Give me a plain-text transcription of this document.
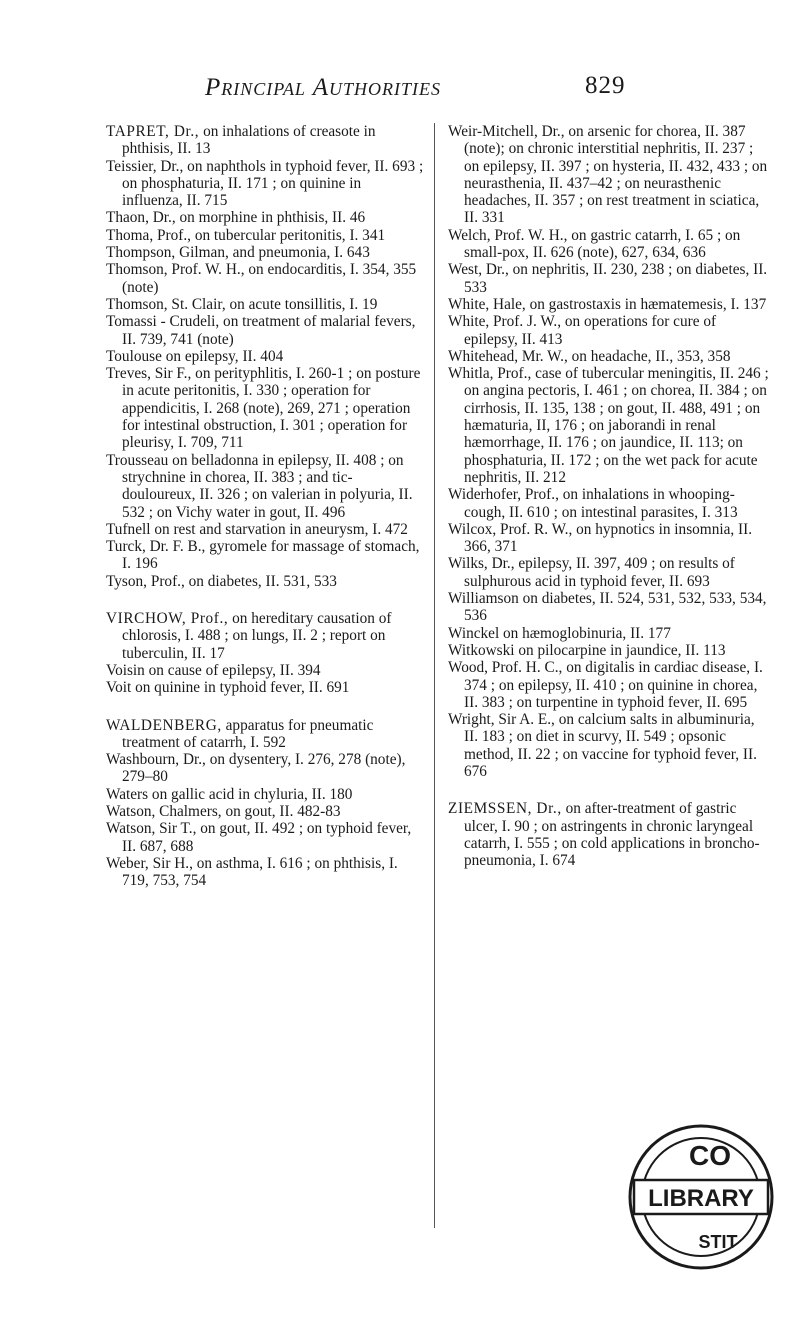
Principal Authorities	829

TAPRET, Dr., on inhalations of creasote in phthisis, II. 13

Teissier, Dr., on naphthols in typhoid fever, II. 693 ; on phosphaturia, II. 171 ; on quinine in influenza, II. 715

Thaon, Dr., on morphine in phthisis, II. 46

Thoma, Prof., on tubercular peritonitis, I. 341

Thompson, Gilman, and pneumonia, I. 643

Thomson, Prof. W. H., on endocarditis, I. 354, 355 (note)

Thomson, St. Clair, on acute tonsillitis, I. 19

Tomassi - Crudeli, on treatment of malarial fevers, II. 739, 741 (note)

Toulouse on epilepsy, II. 404

Treves, Sir F., on perityphlitis, I. 260-1 ; on posture in acute peritonitis, I. 330 ; operation for appendicitis, I. 268 (note), 269, 271 ; operation for intestinal obstruction, I. 301 ; operation for pleurisy, I. 709, 711

Trousseau on belladonna in epilepsy, II. 408 ; on strychnine in chorea, II. 383 ; and tic-douloureux, II. 326 ; on valerian in polyuria, II. 532 ; on Vichy water in gout, II. 496

Tufnell on rest and starvation in aneurysm, I. 472

Turck, Dr. F. B., gyromele for massage of stomach, I. 196

Tyson, Prof., on diabetes, II. 531, 533

VIRCHOW, Prof., on hereditary causation of chlorosis, I. 488 ; on lungs, II. 2 ; report on tuberculin, II. 17

Voisin on cause of epilepsy, II. 394

Voit on quinine in typhoid fever, II. 691

WALDENBERG, apparatus for pneumatic treatment of catarrh, I. 592

Washbourn, Dr., on dysentery, I. 276, 278 (note), 279–80

Waters on gallic acid in chyluria, II. 180

Watson, Chalmers, on gout, II. 482-83

Watson, Sir T., on gout, II. 492 ; on typhoid fever, II. 687, 688

Weber, Sir H., on asthma, I. 616 ; on phthisis, I. 719, 753, 754

Weir-Mitchell, Dr., on arsenic for chorea, II. 387 (note); on chronic interstitial nephritis, II. 237 ; on epilepsy, II. 397 ; on hysteria, II. 432, 433 ; on neurasthenia, II. 437–42 ; on neurasthenic headaches, II. 357 ; on rest treatment in sciatica, II. 331

Welch, Prof. W. H., on gastric catarrh, I. 65 ; on small-pox, II. 626 (note), 627, 634, 636

West, Dr., on nephritis, II. 230, 238 ; on diabetes, II. 533

White, Hale, on gastrostaxis in hæmatemesis, I. 137

White, Prof. J. W., on operations for cure of epilepsy, II. 413

Whitehead, Mr. W., on headache, II., 353, 358

Whitla, Prof., case of tubercular meningitis, II. 246 ; on angina pectoris, I. 461 ; on chorea, II. 384 ; on cirrhosis, II. 135, 138 ; on gout, II. 488, 491 ; on hæmaturia, II, 176 ; on jaborandi in renal hæmorrhage, II. 176 ; on jaundice, II. 113; on phosphaturia, II. 172 ; on the wet pack for acute nephritis, II. 212

Widerhofer, Prof., on inhalations in whooping-cough, II. 610 ; on intestinal parasites, I. 313

Wilcox, Prof. R. W., on hypnotics in insomnia, II. 366, 371

Wilks, Dr., epilepsy, II. 397, 409 ; on results of sulphurous acid in typhoid fever, II. 693

Williamson on diabetes, II. 524, 531, 532, 533, 534, 536

Winckel on hæmoglobinuria, II. 177

Witkowski on pilocarpine in jaundice, II. 113

Wood, Prof. H. C., on digitalis in cardiac disease, I. 374 ; on epilepsy, II. 410 ; on quinine in chorea, II. 383 ; on turpentine in typhoid fever, II. 695

Wright, Sir A. E., on calcium salts in albuminuria, II. 183 ; on diet in scurvy, II. 549 ; opsonic method, II. 22 ; on vaccine for typhoid fever, II. 676

ZIEMSSEN, Dr., on after-treatment of gastric ulcer, I. 90 ; on astringents in chronic laryngeal catarrh, I. 555 ; on cold applications in broncho-pneumonia, I. 674

LIBRARY
CO
STIT
